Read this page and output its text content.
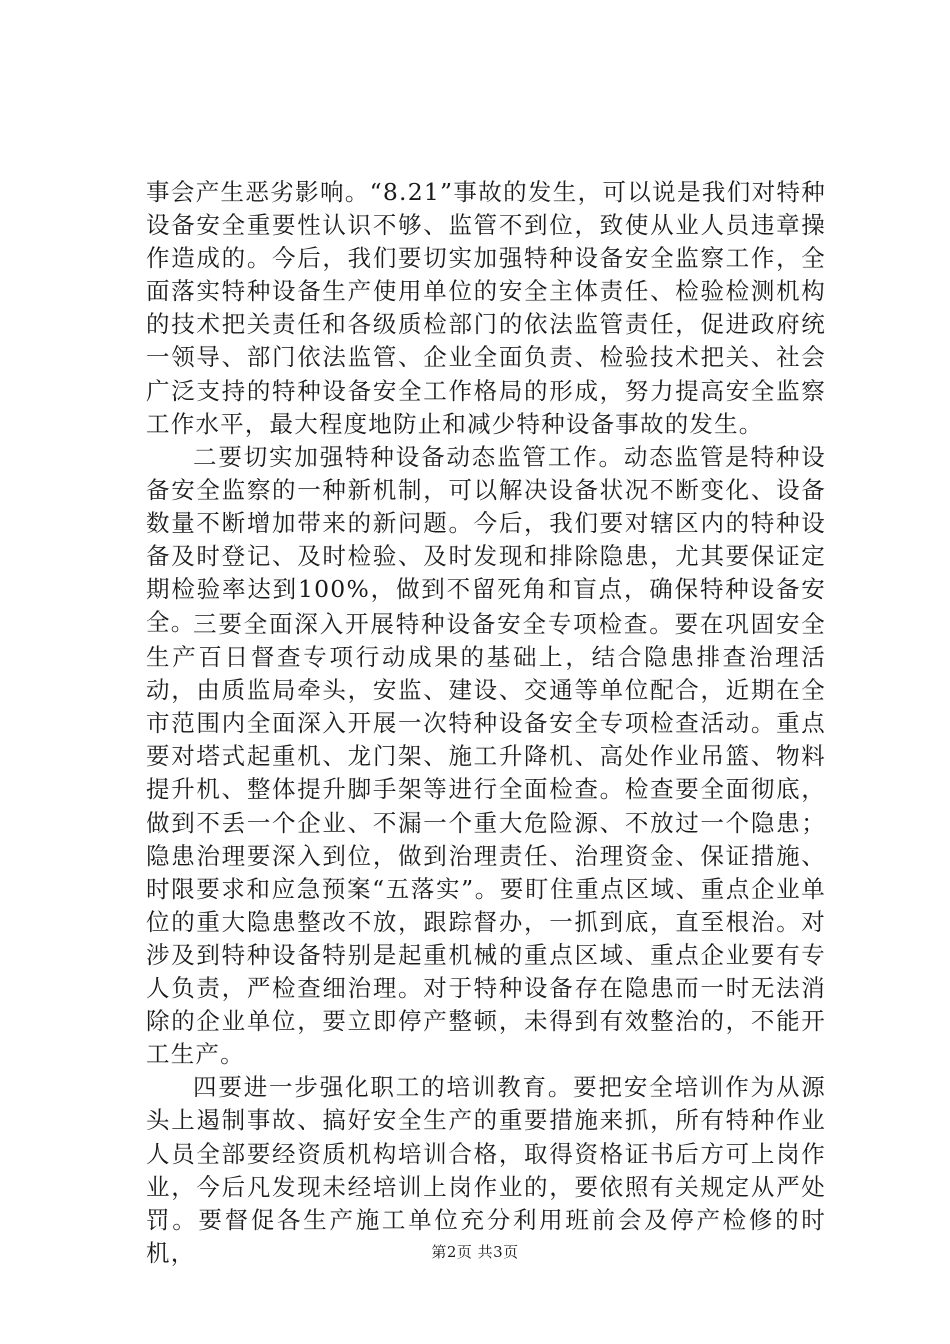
事会产生恶劣影响。“8.21”事故的发生，可以说是我们对特种设备安全重要性认识不够、监管不到位，致使从业人员违章操作造成的。今后，我们要切实加强特种设备安全监察工作，全面落实特种设备生产使用单位的安全主体责任、检验检测机构的技术把关责任和各级质检部门的依法监管责任，促进政府统一领导、部门依法监管、企业全面负责、检验技术把关、社会广泛支持的特种设备安全工作格局的形成，努力提高安全监察工作水平，最大程度地防止和减少特种设备事故的发生。

二要切实加强特种设备动态监管工作。动态监管是特种设备安全监察的一种新机制，可以解决设备状况不断变化、设备数量不断增加带来的新问题。今后，我们要对辖区内的特种设备及时登记、及时检验、及时发现和排除隐患，尤其要保证定期检验率达到100%，做到不留死角和盲点，确保特种设备安全。

三要全面深入开展特种设备安全专项检查。要在巩固安全生产百日督查专项行动成果的基础上，结合隐患排查治理活动，由质监局牵头，安监、建设、交通等单位配合，近期在全市范围内全面深入开展一次特种设备安全专项检查活动。重点要对塔式起重机、龙门架、施工升降机、高处作业吊篮、物料提升机、整体提升脚手架等进行全面检查。检查要全面彻底，做到不丢一个企业、不漏一个重大危险源、不放过一个隐患；隐患治理要深入到位，做到治理责任、治理资金、保证措施、时限要求和应急预案“五落实”。要盯住重点区域、重点企业单位的重大隐患整改不放，跟踪督办，一抓到底，直至根治。对涉及到特种设备特别是起重机械的重点区域、重点企业要有专人负责，严检查细治理。对于特种设备存在隐患而一时无法消除的企业单位，要立即停产整顿，未得到有效整治的，不能开工生产。

四要进一步强化职工的培训教育。要把安全培训作为从源头上遏制事故、搞好安全生产的重要措施来抓，所有特种作业人员全部要经资质机构培训合格，取得资格证书后方可上岗作业，今后凡发现未经培训上岗作业的，要依照有关规定从严处罚。要督促各生产施工单位充分利用班前会及停产检修的时机，	第2页 共3页
